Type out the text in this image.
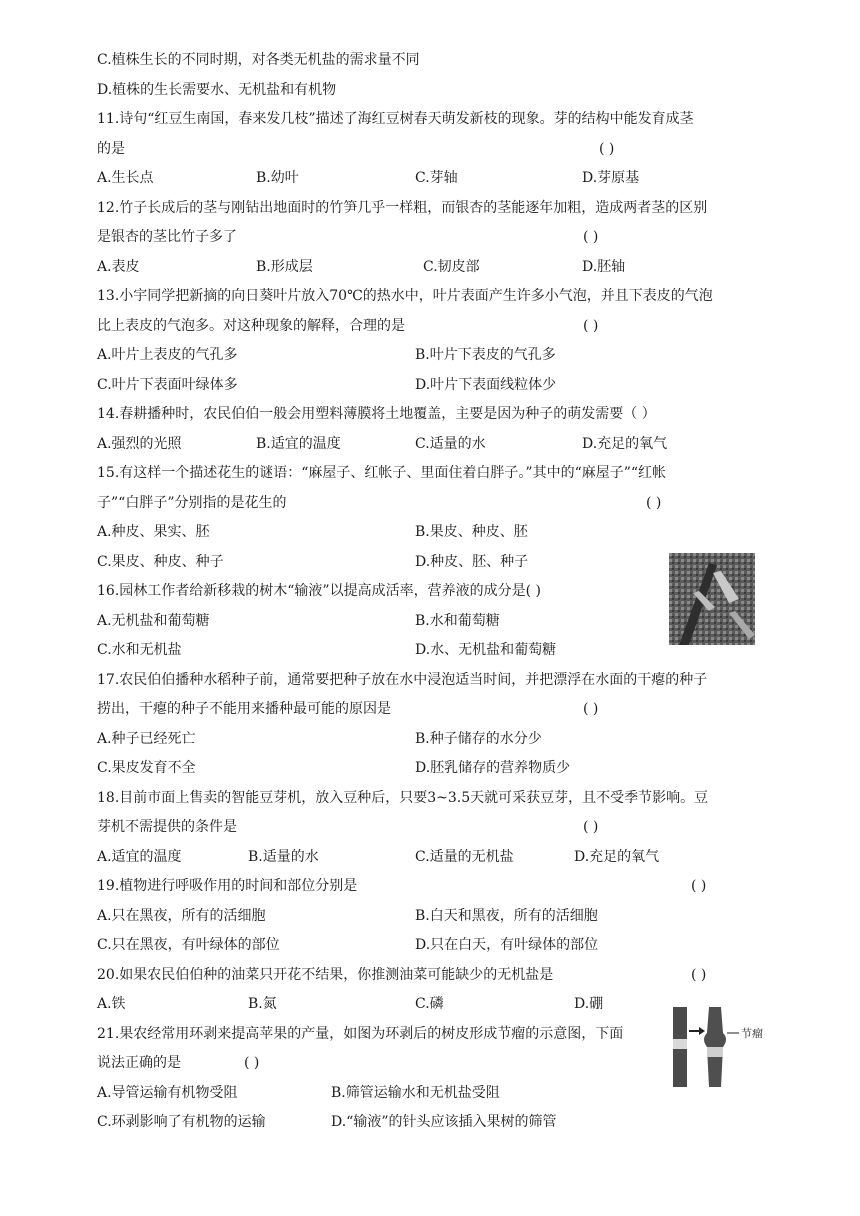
C.植株生长的不同时期，对各类无机盐的需求量不同
D.植株的生长需要水、无机盐和有机物
11.诗句“红豆生南国，春来发几枝”描述了海红豆树春天萌发新枝的现象。芽的结构中能发育成茎
的是	( )
A.生长点	B.幼叶	C.芽轴	D.芽原基
12.竹子长成后的茎与刚钻出地面时的竹笋几乎一样粗，而银杏的茎能逐年加粗，造成两者茎的区别
是银杏的茎比竹子多了	( )
A.表皮	B.形成层	C.韧皮部	D.胚轴
13.小宇同学把新摘的向日葵叶片放入70℃的热水中，叶片表面产生许多小气泡，并且下表皮的气泡
比上表皮的气泡多。对这种现象的解释，合理的是	( )
A.叶片上表皮的气孔多	B.叶片下表皮的气孔多
C.叶片下表面叶绿体多	D.叶片下表面线粒体少
14.春耕播种时，农民伯伯一般会用塑料薄膜将土地覆盖，主要是因为种子的萌发需要（ ）
A.强烈的光照	B.适宜的温度	C.适量的水	D.充足的氧气
15.有这样一个描述花生的谜语：“麻屋子、红帐子、里面住着白胖子。”其中的“麻屋子”“红帐
子”“白胖子”分别指的是花生的	( )
A.种皮、果实、胚	B.果皮、种皮、胚
C.果皮、种皮、种子	D.种皮、胚、种子
16.园林工作者给新移栽的树木“输液”以提高成活率，营养液的成分是( )
A.无机盐和葡萄糖	B.水和葡萄糖
C.水和无机盐	D.水、无机盐和葡萄糖
17.农民伯伯播种水稻种子前，通常要把种子放在水中浸泡适当时间，并把漂浮在水面的干瘪的种子
捞出，干瘪的种子不能用来播种最可能的原因是	( )
A.种子已经死亡	B.种子储存的水分少
C.果皮发育不全	D.胚乳储存的营养物质少
18.目前市面上售卖的智能豆芽机，放入豆种后，只要3~3.5天就可采获豆芽，且不受季节影响。豆
芽机不需提供的条件是	( )
A.适宜的温度	B.适量的水	C.适量的无机盐	D.充足的氧气
19.植物进行呼吸作用的时间和部位分别是	( )
A.只在黑夜，所有的活细胞	B.白天和黑夜，所有的活细胞
C.只在黑夜，有叶绿体的部位	D.只在白天，有叶绿体的部位
20.如果农民伯伯种的油菜只开花不结果，你推测油菜可能缺少的无机盐是	( )
A.铁	B.氮	C.磷	D.硼
节瘤
21.果农经常用环剥来提高苹果的产量，如图为环剥后的树皮形成节瘤的示意图，下面
说法正确的是	( )
A.导管运输有机物受阻	B.筛管运输水和无机盐受阻
C.环剥影响了有机物的运输	D.“输液”的针头应该插入果树的筛管
